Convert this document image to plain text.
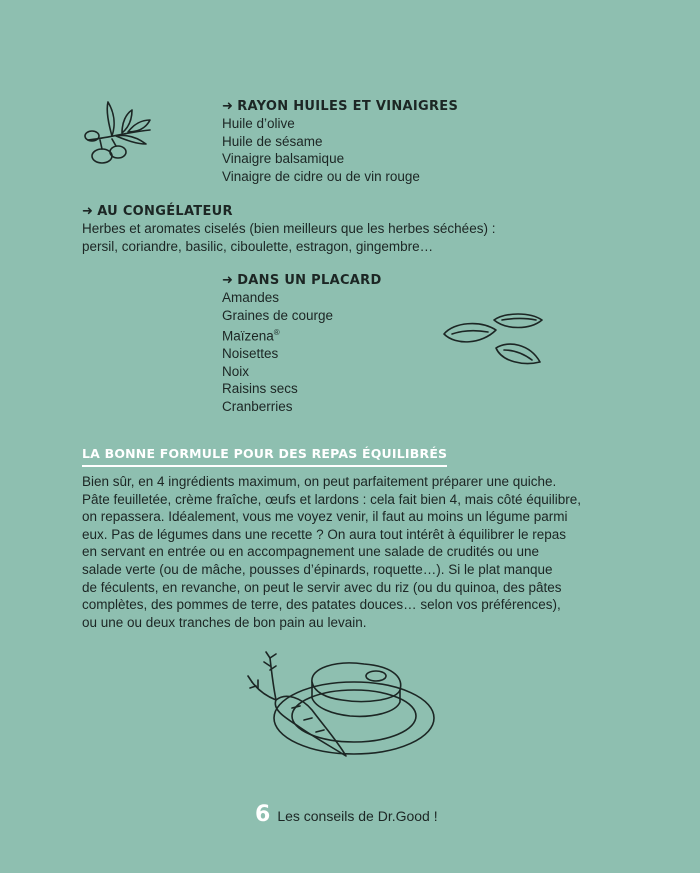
➜ RAYON HUILES ET VINAIGRES
Huile d’olive
Huile de sésame
Vinaigre balsamique
Vinaigre de cidre ou de vin rouge
➜ AU CONGÉLATEUR

Herbes et aromates ciselés (bien meilleurs que les herbes séchées) :

persil, coriandre, basilic, ciboulette, estragon, gingembre…

➜ DANS UN PLACARD
Amandes
Graines de courge
Maïzena®
Noisettes
Noix
Raisins secs
Cranberries
LA BONNE FORMULE POUR DES REPAS ÉQUILIBRÉS

Bien sûr, en 4 ingrédients maximum, on peut parfaitement préparer une quiche.

Pâte feuilletée, crème fraîche, œufs et lardons : cela fait bien 4, mais côté équilibre,

on repassera. Idéalement, vous me voyez venir, il faut au moins un légume parmi

eux. Pas de légumes dans une recette ? On aura tout intérêt à équilibrer le repas

en servant en entrée ou en accompagnement une salade de crudités ou une

salade verte (ou de mâche, pousses d’épinards, roquette…). Si le plat manque

de féculents, en revanche, on peut le servir avec du riz (ou du quinoa, des pâtes

complètes, des pommes de terre, des patates douces… selon vos préférences),

ou une ou deux tranches de bon pain au levain.

6 Les conseils de Dr.Good !
